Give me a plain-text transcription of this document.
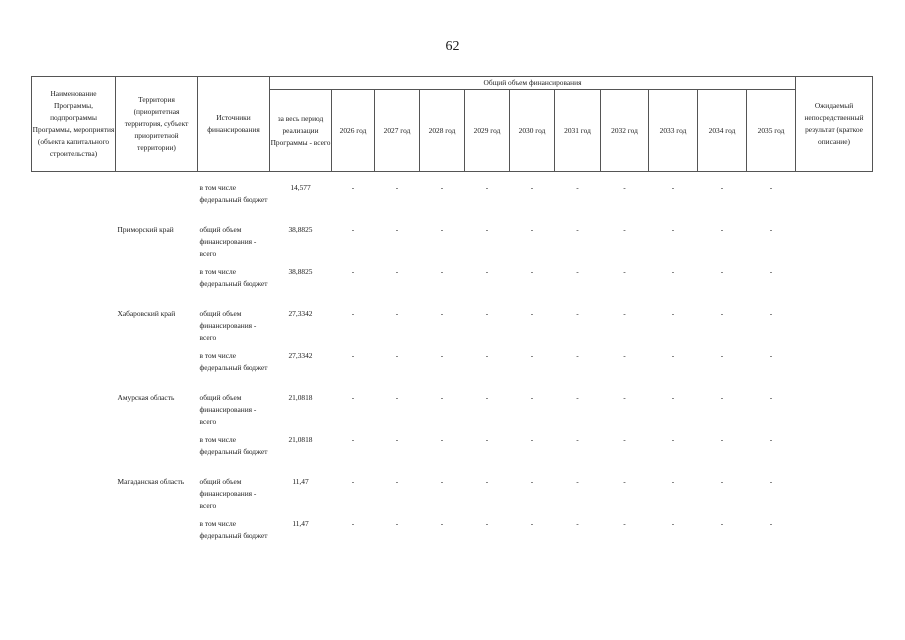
62
Наименование Программы, подпрограммы Программы, мероприятия (объекта капитального строительства)	Территория (приоритетная территория, субъект приоритетной территории)	Источники финансирования	Общий объем финансирования											Ожидаемый непосредственный результат (краткое описание)
			за весь период реализации Программы - всего	2026 год	2027 год	2028 год	2029 год	2030 год	2031 год	2032 год	2033 год	2034 год	2035 год	

		в том числе федеральный бюджет	14,577	-	-	-	-	-	-	-	-	-	-	
	Приморский край	общий объем финансирования - всего	38,8825	-	-	-	-	-	-	-	-	-	-	
		в том числе федеральный бюджет	38,8825	-	-	-	-	-	-	-	-	-	-	
	Хабаровский край	общий объем финансирования - всего	27,3342	-	-	-	-	-	-	-	-	-	-	
		в том числе федеральный бюджет	27,3342	-	-	-	-	-	-	-	-	-	-	
	Амурская область	общий объем финансирования - всего	21,0818	-	-	-	-	-	-	-	-	-	-	
		в том числе федеральный бюджет	21,0818	-	-	-	-	-	-	-	-	-	-	
	Магаданская область	общий объем финансирования - всего	11,47	-	-	-	-	-	-	-	-	-	-	
		в том числе федеральный бюджет	11,47	-	-	-	-	-	-	-	-	-	-	
